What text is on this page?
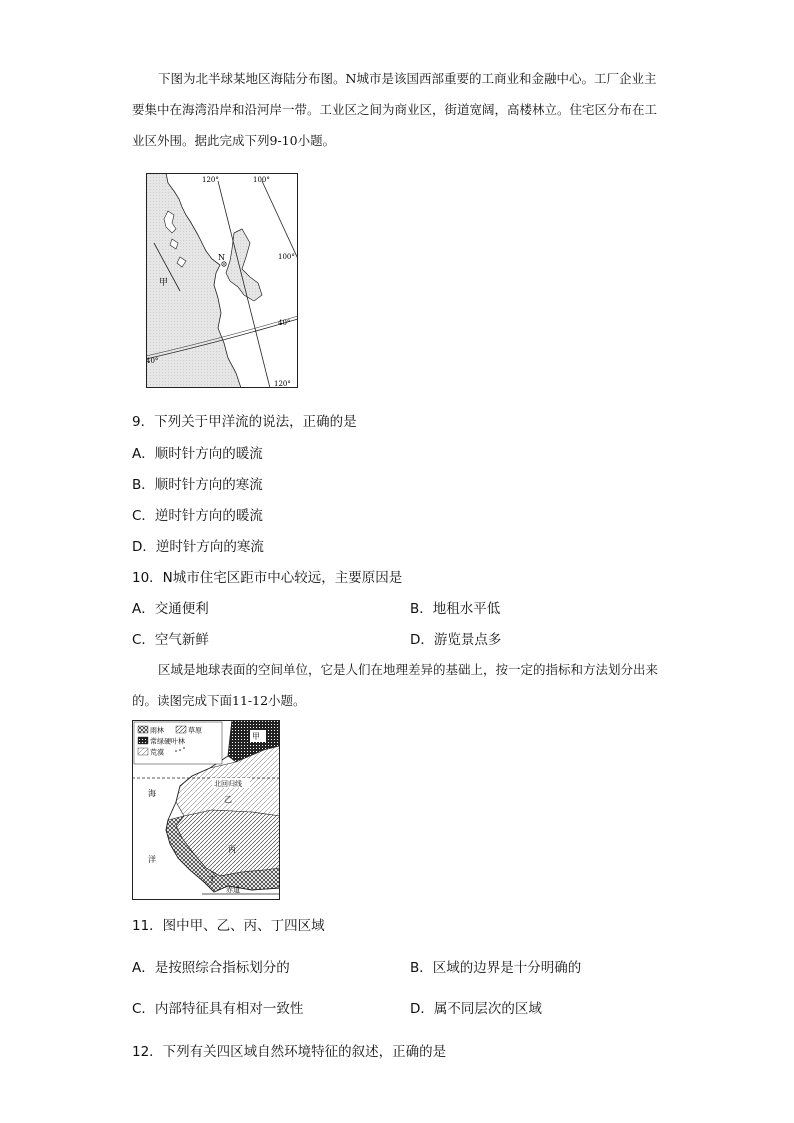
下图为北半球某地区海陆分布图。N城市是该国西部重要的工商业和金融中心。工厂企业主要集中在海湾沿岸和沿河岸一带。工业区之间为商业区，街道宽阔，高楼林立。住宅区分布在工业区外围。据此完成下列9-10小题。

120°	100°
100°
40°
40°
120°
N
甲

9．下列关于甲洋流的说法，正确的是

A．顺时针方向的暖流

B．顺时针方向的寒流

C．逆时针方向的暖流

D．逆时针方向的寒流

10．N城市住宅区距市中心较远，主要原因是

A．交通便利	B．地租水平低

C．空气新鲜	D．游览景点多

区域是地球表面的空间单位，它是人们在地理差异的基础上，按一定的指标和方法划分出来的。读图完成下面11-12小题。

雨林	草原
常绿硬叶林
荒漠
甲
北回归线
乙
丙
丁
赤道
海
洋

11．图中甲、乙、丙、丁四区域

A．是按照综合指标划分的	B．区域的边界是十分明确的

C．内部特征具有相对一致性	D．属不同层次的区域

12．下列有关四区域自然环境特征的叙述，正确的是
